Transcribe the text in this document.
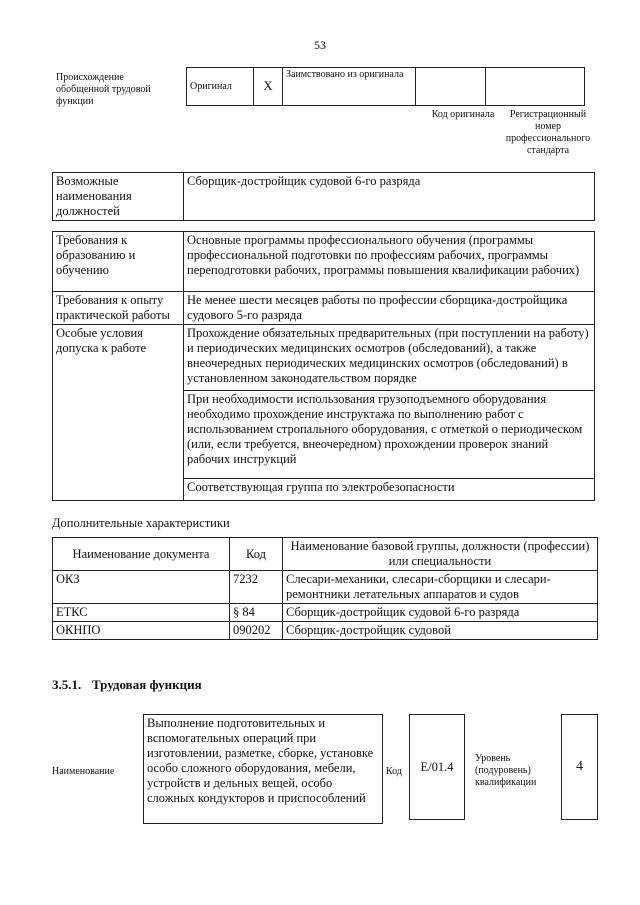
53
Происхождение обобщенной трудовой функции
Оригинал	X	Заимствовано из оригинала		
Код оригинала	Регистрационный номер профессионального стандарта
Возможные наименования должностей	Сборщик-достройщик судовой 6-го разряда
Требования к образованию и обучению	Основные программы профессионального обучения (программы профессиональной подготовки по профессиям рабочих, программы переподготовки рабочих, программы повышения квалификации рабочих)
Требования к опыту практической работы	Не менее шести месяцев работы по профессии сборщика-достройщика судового 5-го разряда
Особые условия допуска к работе	Прохождение обязательных предварительных (при поступлении на работу) и периодических медицинских осмотров (обследований), а также внеочередных периодических медицинских осмотров (обследований) в установленном законодательством порядке
	При необходимости использования грузоподъемного оборудования необходимо прохождение инструктажа по выполнению работ с использованием стропального оборудования, с отметкой о периодическом (или, если требуется, внеочередном) прохождении проверок знаний рабочих инструкций
	Соответствующая группа по электробезопасности
Дополнительные характеристики
Наименование документа	Код	Наименование базовой группы, должности (профессии) или специальности
ОКЗ	7232	Слесари-механики, слесари-сборщики и слесари-ремонтники летательных аппаратов и судов
ЕТКС	§ 84	Сборщик-достройщик судовой 6-го разряда
ОКНПО	090202	Сборщик-достройщик судовой
3.5.1. Трудовая функция
Наименование
Выполнение подготовительных и вспомогательных операций при изготовлении, разметке, сборке, установке особо сложного оборудования, мебели, устройств и дельных вещей, особо сложных кондукторов и приспособлений
Код E/01.4
Уровень (подуровень) квалификации
4
